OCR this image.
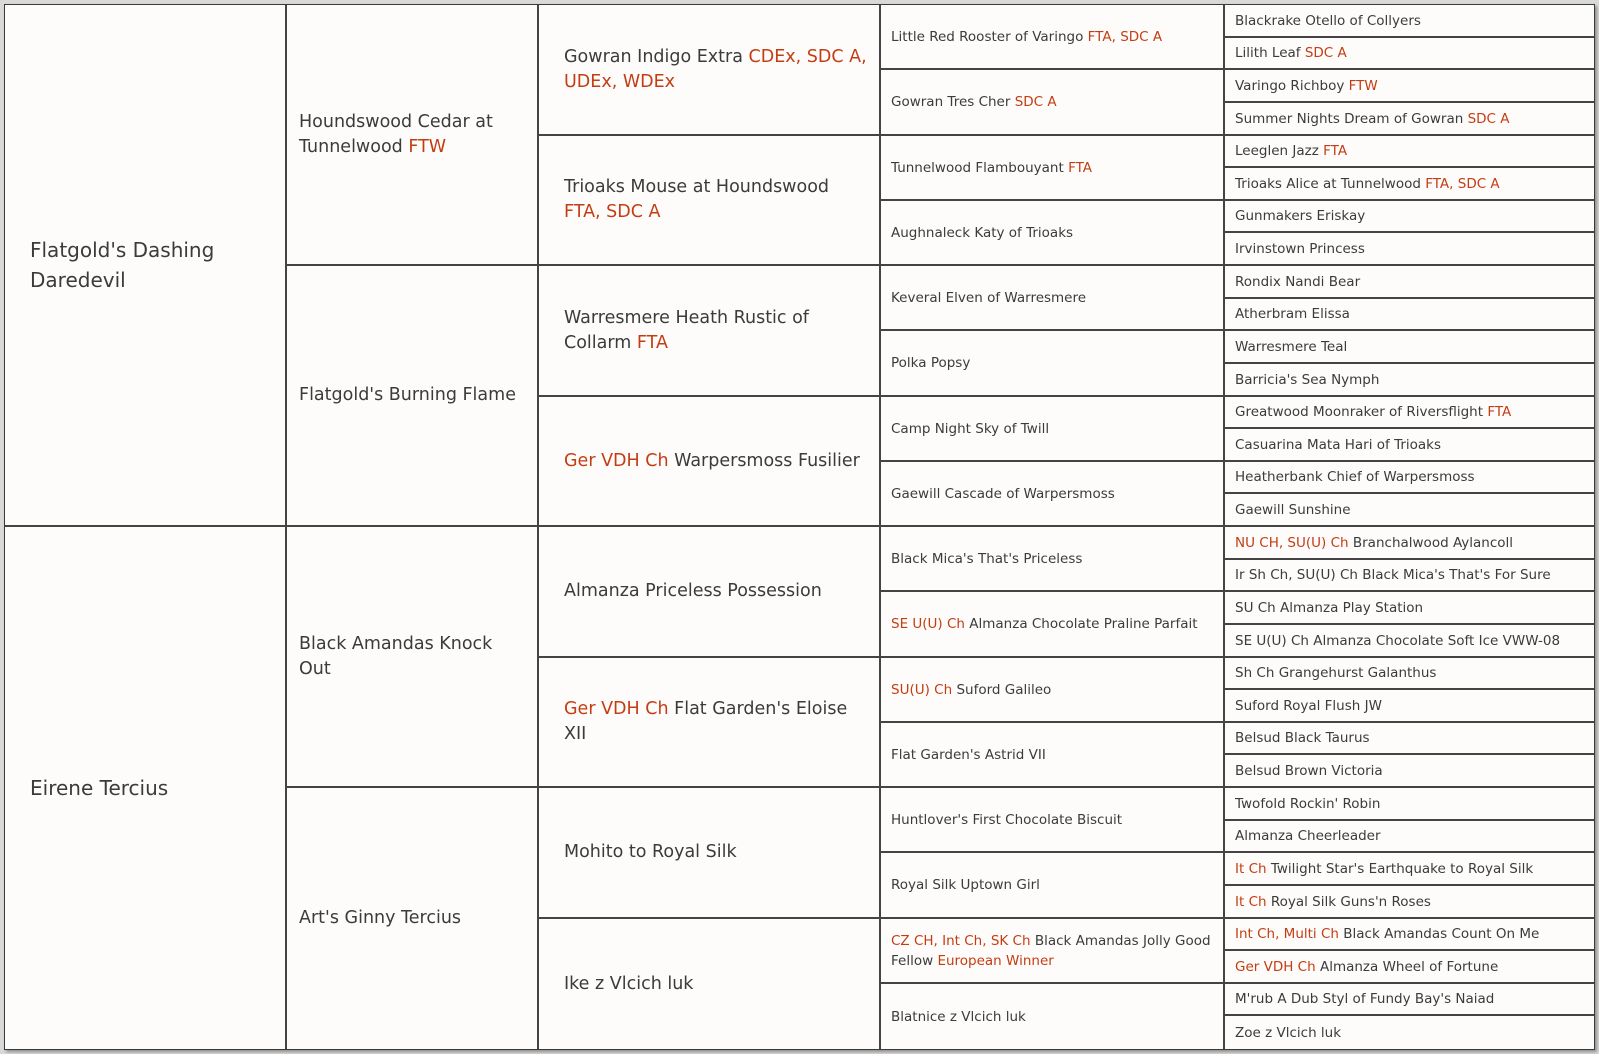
Flatgold's Dashing Daredevil
Eirene Tercius
Houndswood Cedar at Tunnelwood FTW
Flatgold's Burning Flame
Black Amandas Knock Out
Art's Ginny Tercius
Gowran Indigo Extra CDEx, SDC A, UDEx, WDEx
Trioaks Mouse at Houndswood FTA, SDC A
Warresmere Heath Rustic of Collarm FTA
Ger VDH Ch Warpersmoss Fusilier
Almanza Priceless Possession
Ger VDH Ch Flat Garden's Eloise XII
Mohito to Royal Silk
Ike z Vlcich luk
Little Red Rooster of Varingo FTA, SDC A
Gowran Tres Cher SDC A
Tunnelwood Flambouyant FTA
Aughnaleck Katy of Trioaks
Keveral Elven of Warresmere
Polka Popsy
Camp Night Sky of Twill
Gaewill Cascade of Warpersmoss
Black Mica's That's Priceless
SE U(U) Ch Almanza Chocolate Praline Parfait
SU(U) Ch Suford Galileo
Flat Garden's Astrid VII
Huntlover's First Chocolate Biscuit
Royal Silk Uptown Girl
CZ CH, Int Ch, SK Ch Black Amandas Jolly Good Fellow European Winner
Blatnice z Vlcich luk
Blackrake Otello of Collyers
Lilith Leaf SDC A
Varingo Richboy FTW
Summer Nights Dream of Gowran SDC A
Leeglen Jazz FTA
Trioaks Alice at Tunnelwood FTA, SDC A
Gunmakers Eriskay
Irvinstown Princess
Rondix Nandi Bear
Atherbram Elissa
Warresmere Teal
Barricia's Sea Nymph
Greatwood Moonraker of Riversflight FTA
Casuarina Mata Hari of Trioaks
Heatherbank Chief of Warpersmoss
Gaewill Sunshine
NU CH, SU(U) Ch Branchalwood Aylancoll
Ir Sh Ch, SU(U) Ch Black Mica's That's For Sure
SU Ch Almanza Play Station
SE U(U) Ch Almanza Chocolate Soft Ice VWW-08
Sh Ch Grangehurst Galanthus
Suford Royal Flush JW
Belsud Black Taurus
Belsud Brown Victoria
Twofold Rockin' Robin
Almanza Cheerleader
It Ch Twilight Star's Earthquake to Royal Silk
It Ch Royal Silk Guns'n Roses
Int Ch, Multi Ch Black Amandas Count On Me
Ger VDH Ch Almanza Wheel of Fortune
M'rub A Dub Styl of Fundy Bay's Naiad
Zoe z Vlcich luk
